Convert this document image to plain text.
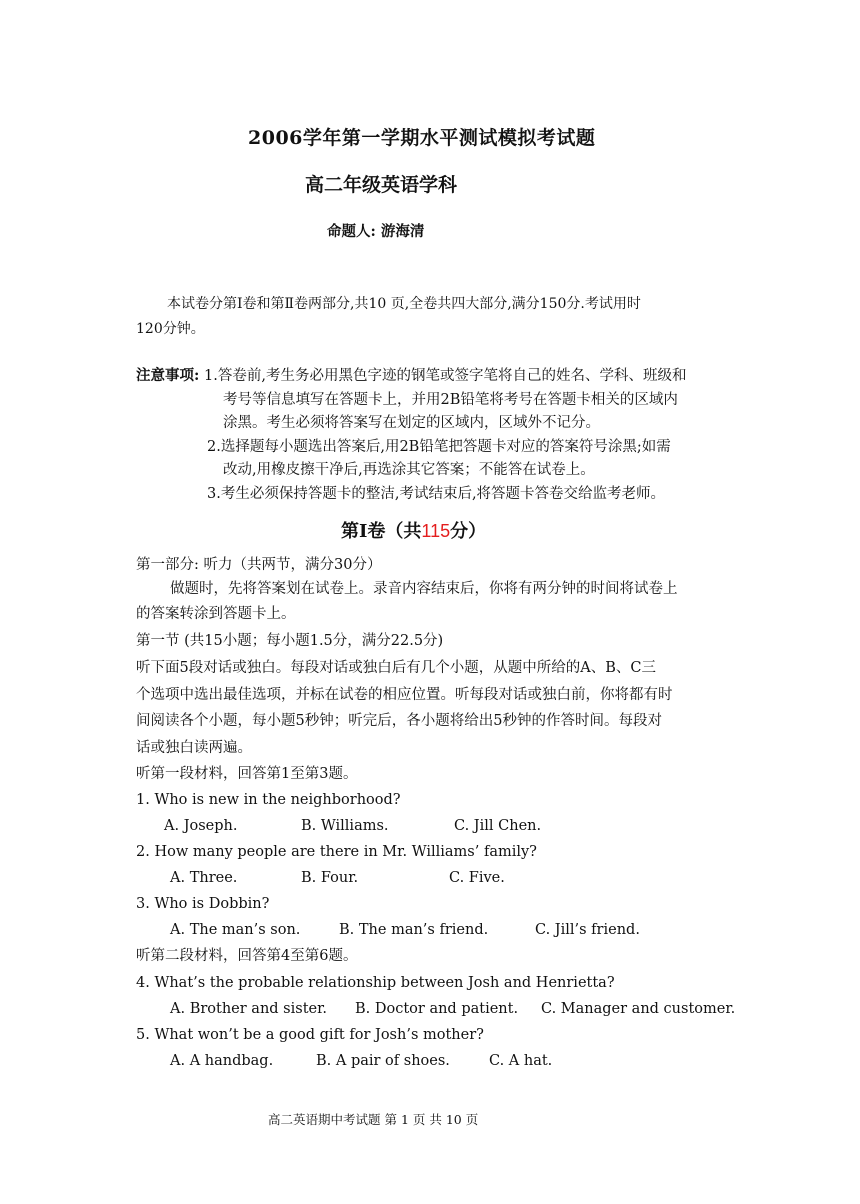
2006学年第一学期水平测试模拟考试题
高二年级英语学科
命题人: 游海清
本试卷分第Ⅰ卷和第Ⅱ卷两部分,共10 页,全卷共四大部分,满分150分.考试用时
120分钟。
注意事项: 1.答卷前,考生务必用黑色字迹的钢笔或签字笔将自己的姓名、学科、班级和
考号等信息填写在答题卡上，并用2B铅笔将考号在答题卡相关的区域内
涂黑。考生必须将答案写在划定的区域内，区域外不记分。
2.选择题每小题选出答案后,用2B铅笔把答题卡对应的答案符号涂黑;如需
改动,用橡皮擦干净后,再选涂其它答案；不能答在试卷上。
3.考生必须保持答题卡的整洁,考试结束后,将答题卡答卷交给监考老师。
第Ⅰ卷（共115分）
第一部分: 听力（共两节，满分30分）
做题时，先将答案划在试卷上。录音内容结束后，你将有两分钟的时间将试卷上
的答案转涂到答题卡上。
第一节 (共15小题；每小题1.5分，满分22.5分)
听下面5段对话或独白。每段对话或独白后有几个小题，从题中所给的A、B、C三
个选项中选出最佳选项，并标在试卷的相应位置。听每段对话或独白前，你将都有时
间阅读各个小题，每小题5秒钟；听完后，各小题将给出5秒钟的作答时间。每段对
话或独白读两遍。
听第一段材料，回答第1至第3题。
1. Who is new in the neighborhood?
A. Joseph.	B. Williams.	C. Jill Chen.
2. How many people are there in Mr. Williams’ family?
A. Three.	B. Four.	C. Five.
3. Who is Dobbin?
A. The man’s son.	B. The man’s friend.	C. Jill’s friend.
听第二段材料，回答第4至第6题。
4. What’s the probable relationship between Josh and Henrietta?
A. Brother and sister. B. Doctor and patient. C. Manager and customer.
5. What won’t be a good gift for Josh’s mother?
A. A handbag.	B. A pair of shoes.	C. A hat.
高二英语期中考试题 第 1 页 共 10 页
